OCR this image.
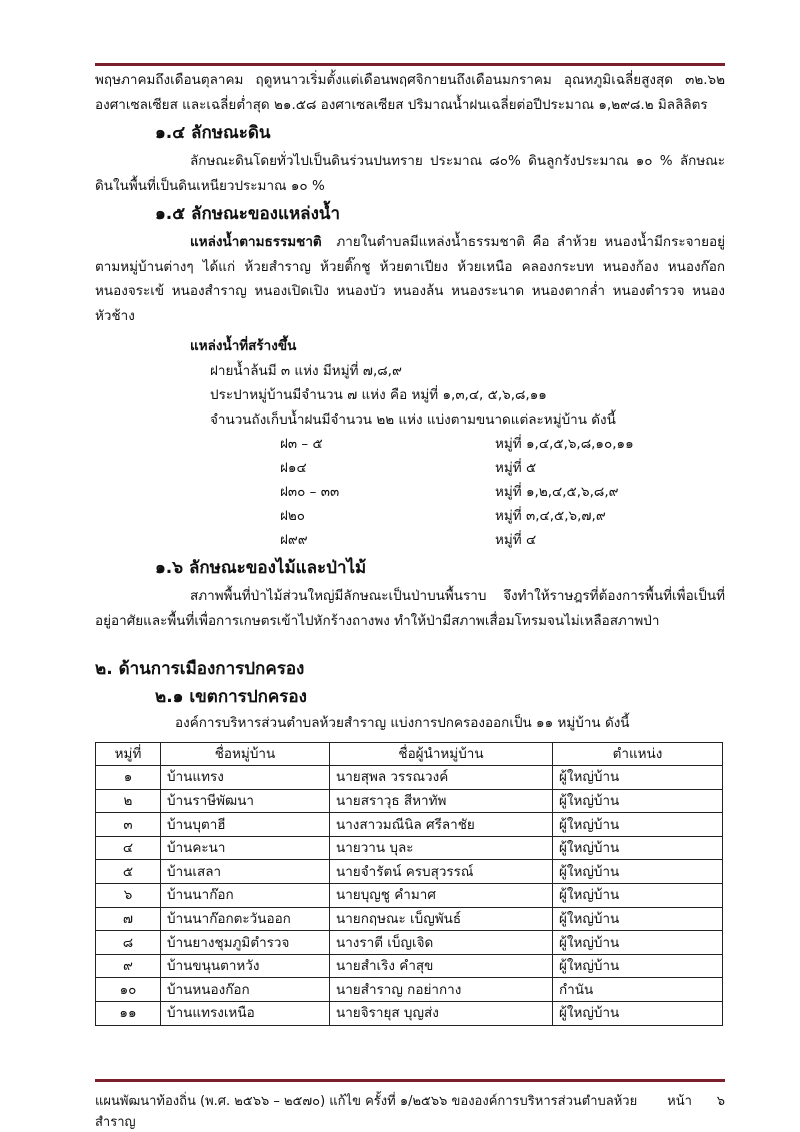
พฤษภาคมถึงเดือนตุลาคม ฤดูหนาวเริ่มตั้งแต่เดือนพฤศจิกายนถึงเดือนมกราคม อุณหภูมิเฉลี่ยสูงสุด ๓๒.๖๒

องศาเซลเซียส และเฉลี่ยต่ำสุด ๒๑.๕๘ องศาเซลเซียส ปริมาณน้ำฝนเฉลี่ยต่อปีประมาณ ๑,๒๙๘.๒ มิลลิลิตร

๑.๔ ลักษณะดิน

ลักษณะดินโดยทั่วไปเป็นดินร่วนปนทราย ประมาณ ๘๐% ดินลูกรังประมาณ ๑๐ % ลักษณะ

ดินในพื้นที่เป็นดินเหนียวประมาณ ๑๐ %

๑.๕ ลักษณะของแหล่งน้ำ

แหล่งน้ำตามธรรมชาติ ภายในตำบลมีแหล่งน้ำธรรมชาติ คือ ลำห้วย หนองน้ำมีกระจายอยู่

ตามหมู่บ้านต่างๆ ได้แก่ ห้วยสำราญ ห้วยติ๊กชู ห้วยตาเปียง ห้วยเหนือ คลองกระบท หนองก้อง หนองก๊อก

หนองจระเข้ หนองสำราญ หนองเปิดเปิง หนองบัว หนองล้น หนองระนาด หนองตากล่ำ หนองตำรวจ หนอง

หัวช้าง

แหล่งน้ำที่สร้างขึ้น

ฝายน้ำล้นมี ๓ แห่ง มีหมู่ที่ ๗,๘,๙

ประปาหมู่บ้านมีจำนวน ๗ แห่ง คือ หมู่ที่ ๑,๓,๔, ๕,๖,๘,๑๑

จำนวนถังเก็บน้ำฝนมีจำนวน ๒๒ แห่ง แบ่งตามขนาดแต่ละหมู่บ้าน ดังนี้

ฝ๓ – ๕	หมู่ที่ ๑,๔,๕,๖,๘,๑๐,๑๑
ฝ๑๔	หมู่ที่ ๕
ฝ๓๐ – ๓๓	หมู่ที่ ๑,๒,๔,๕,๖,๘,๙
ฝ๒๐	หมู่ที่ ๓,๔,๕,๖,๗,๙
ฝ๙๙	หมู่ที่ ๔

๑.๖ ลักษณะของไม้และป่าไม้

สภาพพื้นที่ป่าไม้ส่วนใหญ่มีลักษณะเป็นป่าบนพื้นราบ จึงทำให้ราษฎรที่ต้องการพื้นที่เพื่อเป็นที่

อยู่อาศัยและพื้นที่เพื่อการเกษตรเข้าไปหักร้างถางพง ทำให้ป่ามีสภาพเสื่อมโทรมจนไม่เหลือสภาพป่า

๒. ด้านการเมืองการปกครอง

๒.๑ เขตการปกครอง

องค์การบริหารส่วนตำบลห้วยสำราญ แบ่งการปกครองออกเป็น ๑๑ หมู่บ้าน ดังนี้

หมู่ที่	ชื่อหมู่บ้าน	ชื่อผู้นำหมู่บ้าน	ตำแหน่ง
๑	บ้านแทรง	นายสุพล วรรณวงค์	ผู้ใหญ่บ้าน
๒	บ้านราษีพัฒนา	นายสราวุธ สีหาทัพ	ผู้ใหญ่บ้าน
๓	บ้านบุตาฮี	นางสาวมณีนิล ศรีลาชัย	ผู้ใหญ่บ้าน
๔	บ้านคะนา	นายวาน บุละ	ผู้ใหญ่บ้าน
๕	บ้านเสลา	นายจำรัตน์ ครบสุวรรณ์	ผู้ใหญ่บ้าน
๖	บ้านนาก๊อก	นายบุญชู คำมาศ	ผู้ใหญ่บ้าน
๗	บ้านนาก๊อกตะวันออก	นายกฤษณะ เบ็ญพันธ์	ผู้ใหญ่บ้าน
๘	บ้านยางชุมภูมิตำรวจ	นางราตี เบ็ญเจิด	ผู้ใหญ่บ้าน
๙	บ้านขนุนตาหวัง	นายสำเริง คำสุข	ผู้ใหญ่บ้าน
๑๐	บ้านหนองก๊อก	นายสำราญ กอย่ากาง	กำนัน
๑๑	บ้านแทรงเหนือ	นายจิรายุส บุญส่ง	ผู้ใหญ่บ้าน
แผนพัฒนาท้องถิ่น (พ.ศ. ๒๕๖๖ – ๒๕๗๐) แก้ไข ครั้งที่ ๑/๒๕๖๖ ขององค์การบริหารส่วนตำบลห้วยสำราญ
หน้า ๖
